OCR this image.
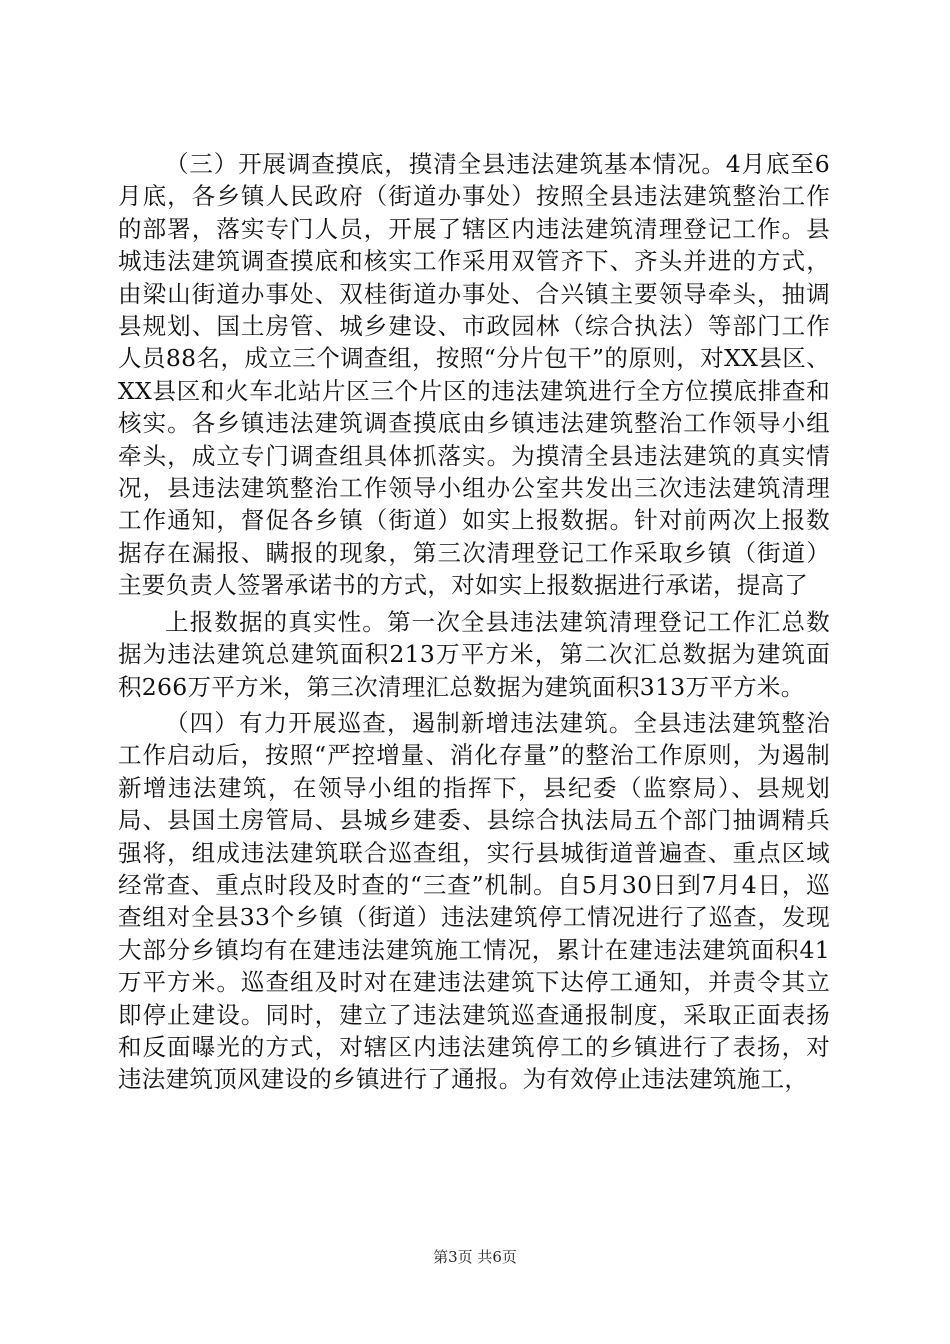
（三）开展调查摸底，摸清全县违法建筑基本情况。4月底至6月底，各乡镇人民政府（街道办事处）按照全县违法建筑整治工作的部署，落实专门人员，开展了辖区内违法建筑清理登记工作。县城违法建筑调查摸底和核实工作采用双管齐下、齐头并进的方式，由梁山街道办事处、双桂街道办事处、合兴镇主要领导牵头，抽调县规划、国土房管、城乡建设、市政园林（综合执法）等部门工作人员88名，成立三个调查组，按照“分片包干”的原则，对XX县区、XX县区和火车北站片区三个片区的违法建筑进行全方位摸底排查和核实。各乡镇违法建筑调查摸底由乡镇违法建筑整治工作领导小组牵头，成立专门调查组具体抓落实。为摸清全县违法建筑的真实情况，县违法建筑整治工作领导小组办公室共发出三次违法建筑清理工作通知，督促各乡镇（街道）如实上报数据。针对前两次上报数据存在漏报、瞒报的现象，第三次清理登记工作采取乡镇（街道）主要负责人签署承诺书的方式，对如实上报数据进行承诺，提高了

上报数据的真实性。第一次全县违法建筑清理登记工作汇总数据为违法建筑总建筑面积213万平方米，第二次汇总数据为建筑面积266万平方米，第三次清理汇总数据为建筑面积313万平方米。

（四）有力开展巡查，遏制新增违法建筑。全县违法建筑整治工作启动后，按照“严控增量、消化存量”的整治工作原则，为遏制新增违法建筑，在领导小组的指挥下，县纪委（监察局）、县规划局、县国土房管局、县城乡建委、县综合执法局五个部门抽调精兵强将，组成违法建筑联合巡查组，实行县城街道普遍查、重点区域经常查、重点时段及时查的“三查”机制。自5月30日到7月4日，巡查组对全县33个乡镇（街道）违法建筑停工情况进行了巡查，发现大部分乡镇均有在建违法建筑施工情况，累计在建违法建筑面积41万平方米。巡查组及时对在建违法建筑下达停工通知，并责令其立即停止建设。同时，建立了违法建筑巡查通报制度，采取正面表扬和反面曝光的方式，对辖区内违法建筑停工的乡镇进行了表扬，对违法建筑顶风建设的乡镇进行了通报。为有效停止违法建筑施工，

第3页 共6页
